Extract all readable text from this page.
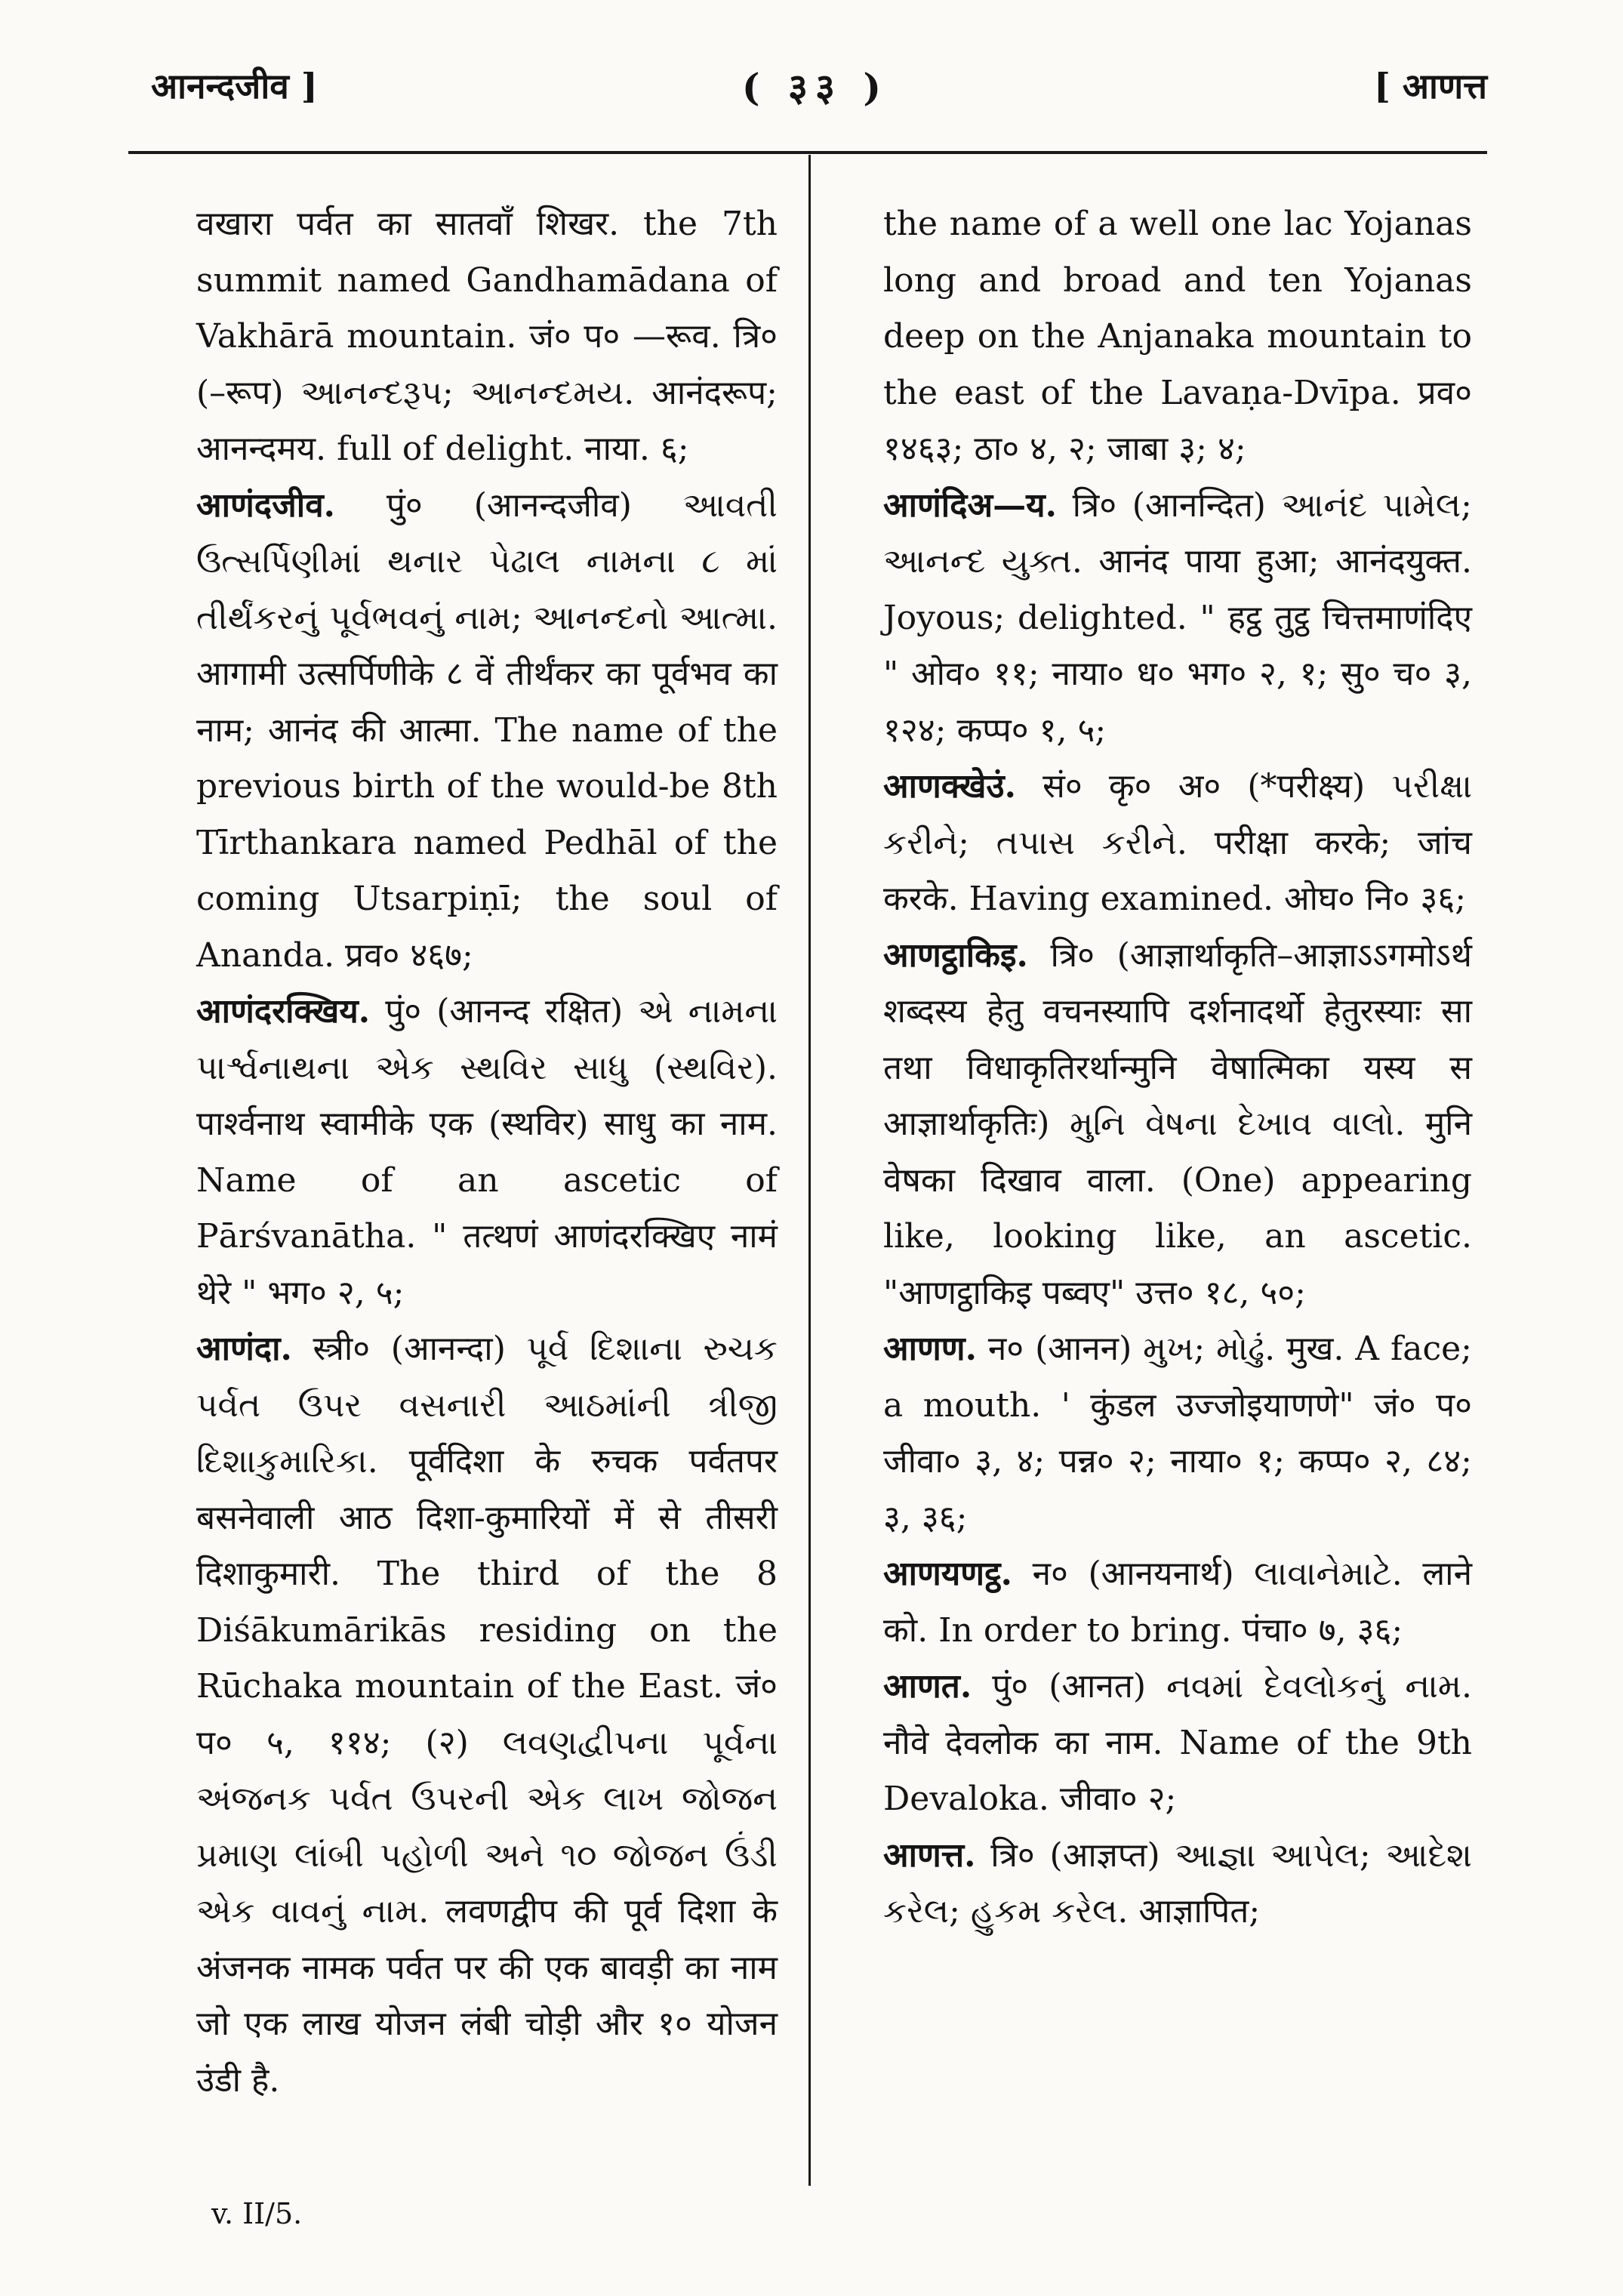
आनन्दजीव ]	( ३३ )	[ आणत्त

वखारा पर्वत का सातवाँ शिखर. the 7th summit named Gandhamādana of Vakhārā mountain. जं० प० —रूव. त्रि० (–रूप) આનન્દરૂપ; આનન્દમય. आनंदरूप; आनन्दमय. full of delight. नाया. ६;

आणंदजीव. पुं० (आनन्दजीव) આવતી ઉત્સર્પિણીમાં થનાર પેઢાલ નામના ૮ માં તીર્થંકરનું પૂર્વભવનું નામ; આનન્દનો આત્મા. आगामी उत्सर्पिणीके ८ वें तीर्थंकर का पूर्वभव का नाम; आनंद की आत्मा. The name of the previous birth of the would-be 8th Tīrthankara named Pedhāl of the coming Utsarpiṇī; the soul of Ananda. प्रव० ४६७;

आणंदरक्खिय. पुं० (आनन्द रक्षित) એ નામના પાર્શ્વનાથના એક સ્થવિર સાધુ (સ્થવિર). पार्श्वनाथ स्वामीके एक (स्थविर) साधु का नाम. Name of an ascetic of Pārśvanātha. " तत्थणं आणंदरक्खिए नामं थेरे " भग० २, ५;

आणंदा. स्त्री० (आनन्दा) પૂર્વ દિશાના રુચક પર્વત ઉપર વસનારી આઠમાંની ત્રીજી દિશાકુમારિકા. पूर्वदिशा के रुचक पर्वतपर बसनेवाली आठ दिशा-कुमारियों में से तीसरी दिशाकुमारी. The third of the 8 Diśākumārikās residing on the Rūchaka mountain of the East. जं० प० ५, ११४; (२) લવણદ્વીપના પૂર્વના અંજનક પર્વત ઉપરની એક લાખ જોજન પ્રમાણ લાંબી પહોળી અને ૧૦ જોજન ઉંડી એક વાવનું નામ. लवणद्वीप की पूर्व दिशा के अंजनक नामक पर्वत पर की एक बावड़ी का नाम जो एक लाख योजन लंबी चोड़ी और १० योजन उंडी है.

the name of a well one lac Yojanas long and broad and ten Yojanas deep on the Anjanaka mountain to the east of the Lavaṇa-Dvīpa. प्रव० १४६३; ठा० ४, २; जाबा ३; ४;

आणंदिअ—य. त्रि० (आनन्दित) આનંદ પામેલ; આનન્દ યુક્ત. आनंद पाया हुआ; आनंदयुक्त. Joyous; delighted. " हट्ठ तुट्ठ चित्तमाणंदिए " ओव० ११; नाया० ध० भग० २, १; सु० च० ३, १२४; कप्प० १, ५;

आणक्खेउं. सं० कृ० अ० (*परीक्ष्य) પરીક્ષા કરીને; તપાસ કરીને. परीक्षा करके; जांच करके. Having examined. ओघ० नि० ३६;

आणट्ठाकिइ. त्रि० (आज्ञार्थाकृति–आज्ञाऽऽगमोऽर्थ शब्दस्य हेतु वचनस्यापि दर्शनादर्थो हेतुरस्याः सा तथा विधाकृतिरर्थान्मुनि वेषात्मिका यस्य स आज्ञार्थाकृतिः) મુનિ વેષના દેખાવ વાલો. मुनि वेषका दिखाव वाला. (One) appearing like, looking like, an ascetic. "आणट्ठाकिइ पब्वए" उत्त० १८, ५०;

आणण. न० (आनन) મુખ; મોઢું. मुख. A face; a mouth. ' कुंडल उज्जोइयाणणे" जं० प० जीवा० ३, ४; पन्न० २; नाया० १; कप्प० २, ८४; ३, ३६;

आणयणट्ठ. न० (आनयनार्थ) લાવાનેમાટે. लाने को. In order to bring. पंचा० ७, ३६;

आणत. पुं० (आनत) નવમાં દેવલોકનું નામ. नौवे देवलोक का नाम. Name of the 9th Devaloka. जीवा० २;

आणत्त. त्रि० (आज्ञप्त) આજ્ઞા આપેલ; આદેશ કરેલ; હુકમ કરેલ. आज्ञापित;

v. II/5.
